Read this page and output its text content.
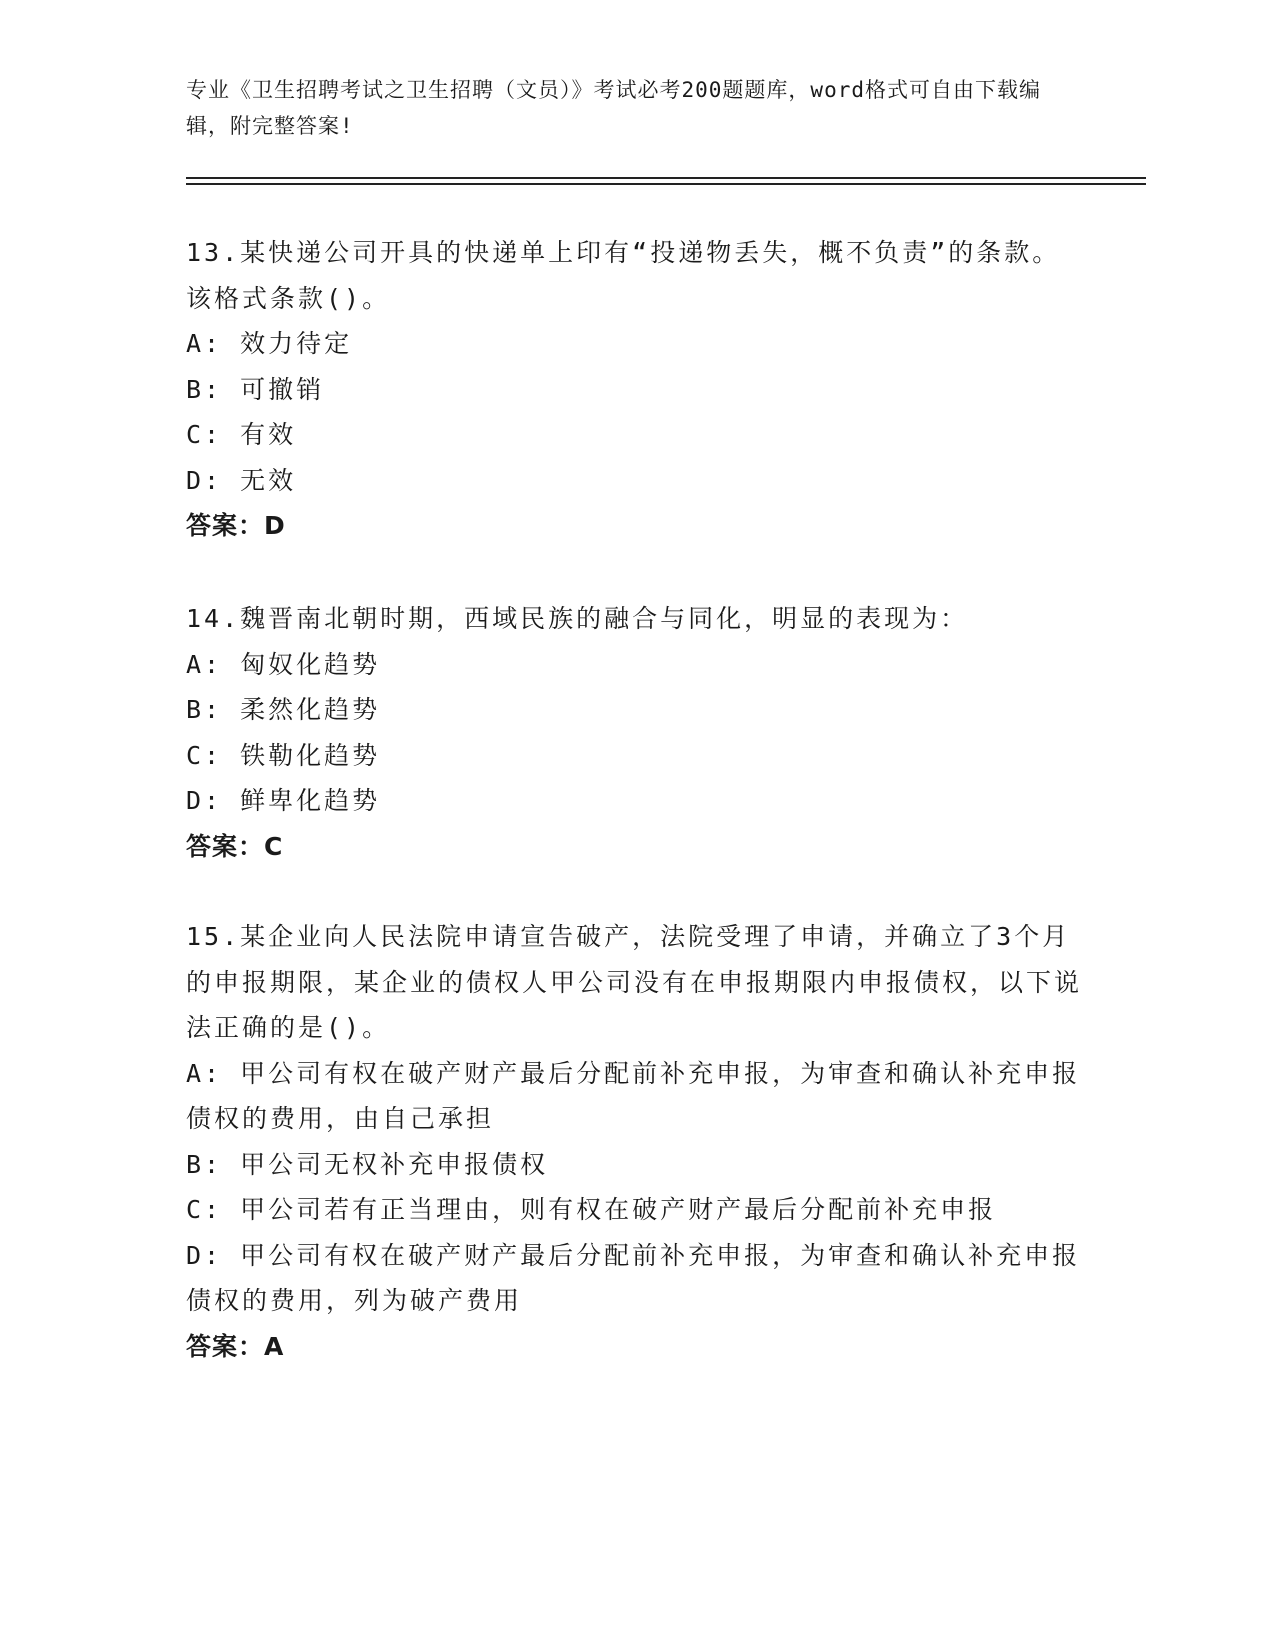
专业《卫生招聘考试之卫生招聘（文员）》考试必考200题题库，word格式可自由下载编辑，附完整答案!
13.某快递公司开具的快递单上印有“投递物丢失，概不负责”的条款。该格式条款()。
A: 效力待定
B: 可撤销
C: 有效
D: 无效
答案：D
14.魏晋南北朝时期，西域民族的融合与同化，明显的表现为：
A: 匈奴化趋势
B: 柔然化趋势
C: 铁勒化趋势
D: 鲜卑化趋势
答案：C
15.某企业向人民法院申请宣告破产，法院受理了申请，并确立了3个月的申报期限，某企业的债权人甲公司没有在申报期限内申报债权，以下说法正确的是()。
A: 甲公司有权在破产财产最后分配前补充申报，为审查和确认补充申报债权的费用，由自己承担
B: 甲公司无权补充申报债权
C: 甲公司若有正当理由，则有权在破产财产最后分配前补充申报
D: 甲公司有权在破产财产最后分配前补充申报，为审查和确认补充申报债权的费用，列为破产费用
答案：A
